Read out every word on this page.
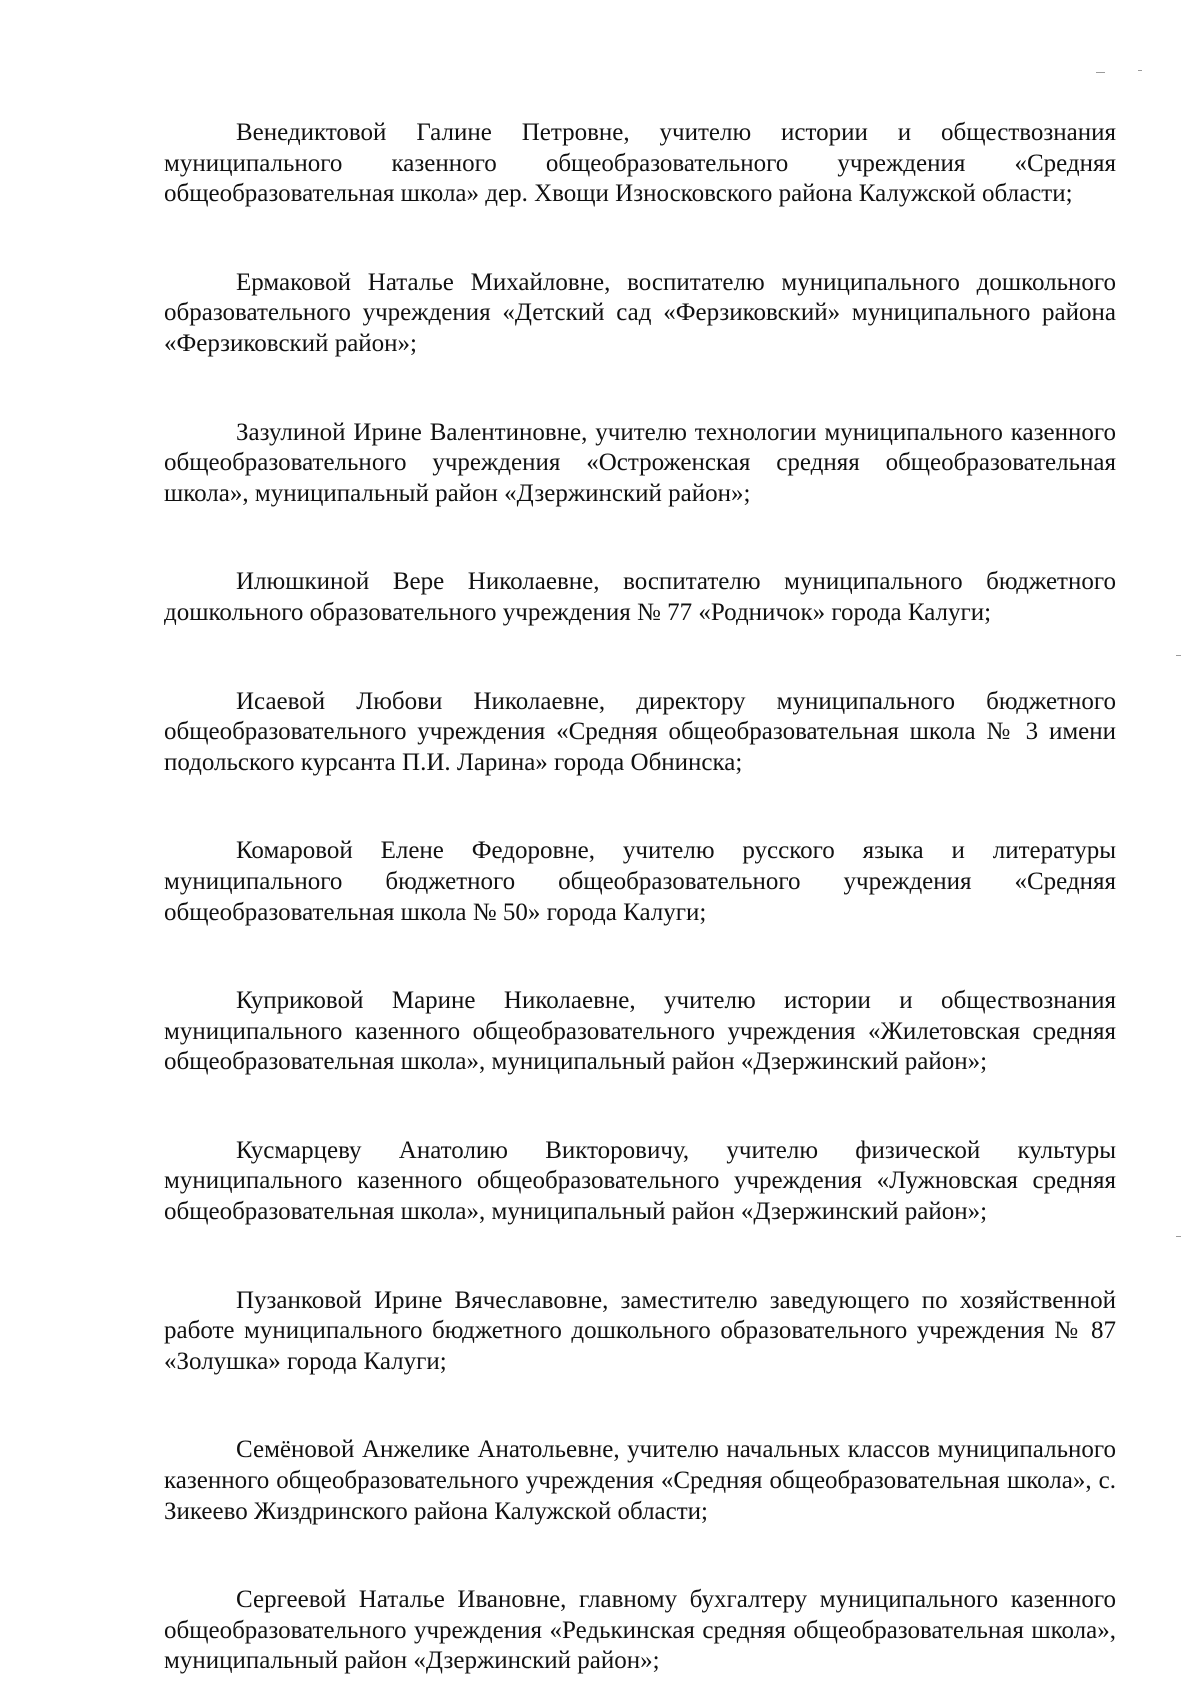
Венедиктовой Галине Петровне, учителю истории и обществознания муниципального казенного общеобразовательного учреждения «Средняя общеобразовательная школа» дер. Хвощи Износковского района Калужской области;

Ермаковой Наталье Михайловне, воспитателю муниципального дошкольного образовательного учреждения «Детский сад «Ферзиковский» муниципального района «Ферзиковский район»;

Зазулиной Ирине Валентиновне, учителю технологии муниципального казенного общеобразовательного учреждения «Остроженская средняя общеобразовательная школа», муниципальный район «Дзержинский район»;

Илюшкиной Вере Николаевне, воспитателю муниципального бюджетного дошкольного образовательного учреждения № 77 «Родничок» города Калуги;

Исаевой Любови Николаевне, директору муниципального бюджетного общеобразовательного учреждения «Средняя общеобразовательная школа № 3 имени подольского курсанта П.И. Ларина» города Обнинска;

Комаровой Елене Федоровне, учителю русского языка и литературы муниципального бюджетного общеобразовательного учреждения «Средняя общеобразовательная школа № 50» города Калуги;

Куприковой Марине Николаевне, учителю истории и обществознания муниципального казенного общеобразовательного учреждения «Жилетовская средняя общеобразовательная школа», муниципальный район «Дзержинский район»;

Кусмарцеву Анатолию Викторовичу, учителю физической культуры муниципального казенного общеобразовательного учреждения «Лужновская средняя общеобразовательная школа», муниципальный район «Дзержинский район»;

Пузанковой Ирине Вячеславовне, заместителю заведующего по хозяйственной работе муниципального бюджетного дошкольного образовательного учреждения № 87 «Золушка» города Калуги;

Семёновой Анжелике Анатольевне, учителю начальных классов муниципального казенного общеобразовательного учреждения «Средняя общеобразовательная школа», с. Зикеево Жиздринского района Калужской области;

Сергеевой Наталье Ивановне, главному бухгалтеру муниципального казенного общеобразовательного учреждения «Редькинская средняя общеобразовательная школа», муниципальный район «Дзержинский район»;
